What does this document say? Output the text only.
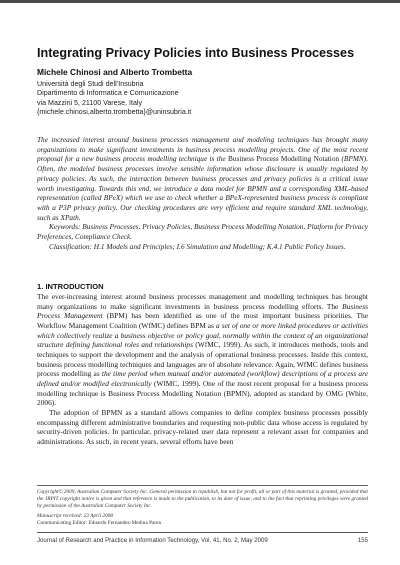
Integrating Privacy Policies into Business Processes
Michele Chinosi and Alberto Trombetta
Università degli Studi dell’Insubria
Dipartimento di Informatica e Comunicazione
via Mazzini 5, 21100 Varese, Italy
{michele.chinosi,alberto.trombetta}@uninsubria.it

The increased interest around business processes management and modeling techniques has brought many organizations to make significant investments in business process modelling projects. One of the most recent proposal for a new business process modelling technique is the Business Process Modelling Notation (BPMN). Often, the modeled business processes involve sensible information whose disclosure is usually regulated by privacy policies. As such, the interaction between business processes and privacy policies is a critical issue worth investigating. Towards this end, we introduce a data model for BPMN and a corresponding XML-based representation (called BPeX) which we use to check whether a BPeX-represented business process is compliant with a P3P privacy policy. Our checking procedures are very efficient and require standard XML technology, such as XPath.

Keywords: Business Processes, Privacy Policies, Business Process Modelling Notation, Platform for Privacy Preferences, Compliance Check.

Classification: H.1 Models and Principles; I.6 Simulation and Modelling; K.4.1 Public Policy Issues.

1. INTRODUCTION

The ever-increasing interest around business processes management and modelling techniques has brought many organizations to make significant investments in business process modelling efforts. The Business Process Management (BPM) has been identified as one of the most important business priorities. The Workflow Management Coalition (WfMC) defines BPM as a set of one or more linked procedures or activities which collectively realize a business objective or policy goal, normally within the context of an organizational structure defining functional roles and relationships (WfMC, 1999). As such, it introduces methods, tools and techniques to support the development and the analysis of operational business processes. Inside this context, business process modelling techniques and languages are of absolute relevance. Again, WfMC defines business process modelling as the time period when manual and/or automated (workflow) descriptions of a process are defined and/or modified electronically (WfMC, 1999). One of the most recent proposal for a business process modelling technique is Business Process Modelling Notation (BPMN), adopted as standard by OMG (White, 2006).

The adoption of BPMN as a standard allows companies to define complex business processes possibly encompassing different administrative boundaries and requesting non-public data whose access is regulated by security-driven policies. In particular, privacy-related user data represent a relevant asset for companies and administrations. As such, in recent years, several efforts have been

Copyright© 2009, Australian Computer Society Inc. General permission to republish, but not for profit, all or part of this material is granted, provided that the JRPIT copyright notice is given and that reference is made to the publication, to its date of issue, and to the fact that reprinting privileges were granted by permission of the Australian Computer Society Inc.
Manuscript received: 23 April 2008
Communicating Editor: Eduardo Fernandez-Medina Paton
Journal of Research and Practice in Information Technology, Vol. 41, No. 2, May 2009	155
